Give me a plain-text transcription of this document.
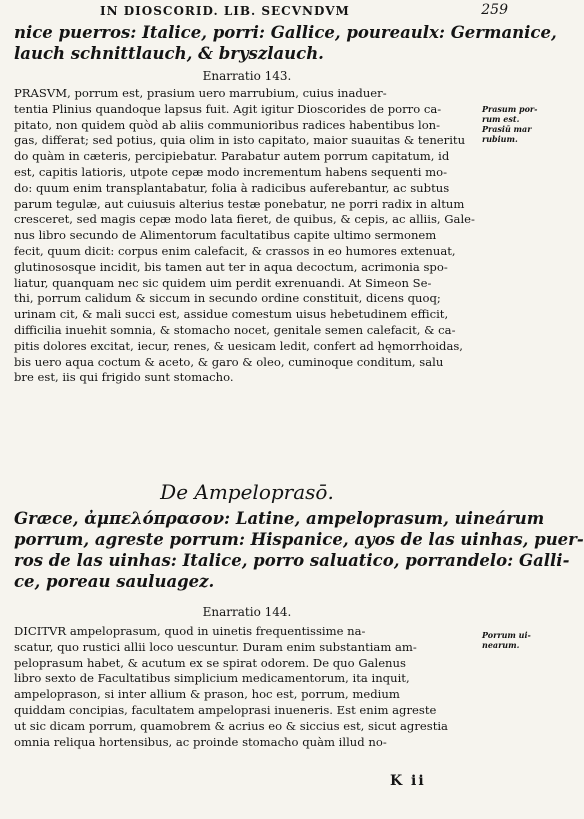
IN DIOSCORID. LIB. SECVNDVM	259
nice puerros: Italice, porri: Gallice, poureaulx: Germanice,
lauch schnittlauch, & bryszlauch.
Enarratio 143.
PRASVM, porrum est, prasium uero marrubium, cuius inaduer-
tentia Plinius quandoque lapsus fuit. Agit igitur Dioscorides de porro ca-
pitato, non quidem quòd ab aliis communioribus radices habentibus lon-
gas, differat; sed potius, quia olim in isto capitato, maior suauitas & teneritu
do quàm in cæteris, percipiebatur. Parabatur autem porrum capitatum, id
est, capitis latioris, utpote cepæ modo incrementum habens sequenti mo-
do: quum enim transplantabatur, folia à radicibus auferebantur, ac subtus
parum tegulæ, aut cuiusuis alterius testæ ponebatur, ne porri radix in altum
cresceret, sed magis cepæ modo lata fieret, de quibus, & cepis, ac alliis, Gale-
nus libro secundo de Alimentorum facultatibus capite ultimo sermonem
fecit, quum dicit: corpus enim calefacit, & crassos in eo humores extenuat,
glutinososque incidit, bis tamen aut ter in aqua decoctum, acrimonia spo-
liatur, quanquam nec sic quidem uim perdit exrenuandi. At Simeon Se-
thi, porrum calidum & siccum in secundo ordine constituit, dicens quoq;
urinam cit, & mali succi est, assidue comestum uisus hebetudinem efficit,
difficilia inuehit somnia, & stomacho nocet, genitale semen calefacit, & ca-
pitis dolores excitat, iecur, renes, & uesicam ledit, confert ad hęmorrhoidas,
bis uero aqua coctum & aceto, & garo & oleo, cuminoque conditum, salu
bre est, iis qui frigido sunt stomacho.
De Ampeloprasō.
Græce, ἀμπελόπρασον: Latine, ampeloprasum, uineárum
porrum, agreste porrum: Hispanice, ayos de las uinhas, puer-
ros de las uinhas: Italice, porro saluatico, porrandelo: Galli-
ce, poreau sauluagez.
Enarratio 144.
DICITVR ampeloprasum, quod in uinetis frequentissime na-
scatur, quo rustici allii loco uescuntur. Duram enim substantiam am-
peloprasum habet, & acutum ex se spirat odorem. De quo Galenus
libro sexto de Facultatibus simplicium medicamentorum, ita inquit,
ampeloprason, si inter allium & prason, hoc est, porrum, medium
quiddam concipias, facultatem ampeloprasi inueneris. Est enim agreste
ut sic dicam porrum, quamobrem & acrius eo & siccius est, sicut agrestia
omnia reliqua hortensibus, ac proinde stomacho quàm illud no-
K ii
Prasum por-
rum est.
Prasiū mar
rubium.
Porrum ui-
nearum.
